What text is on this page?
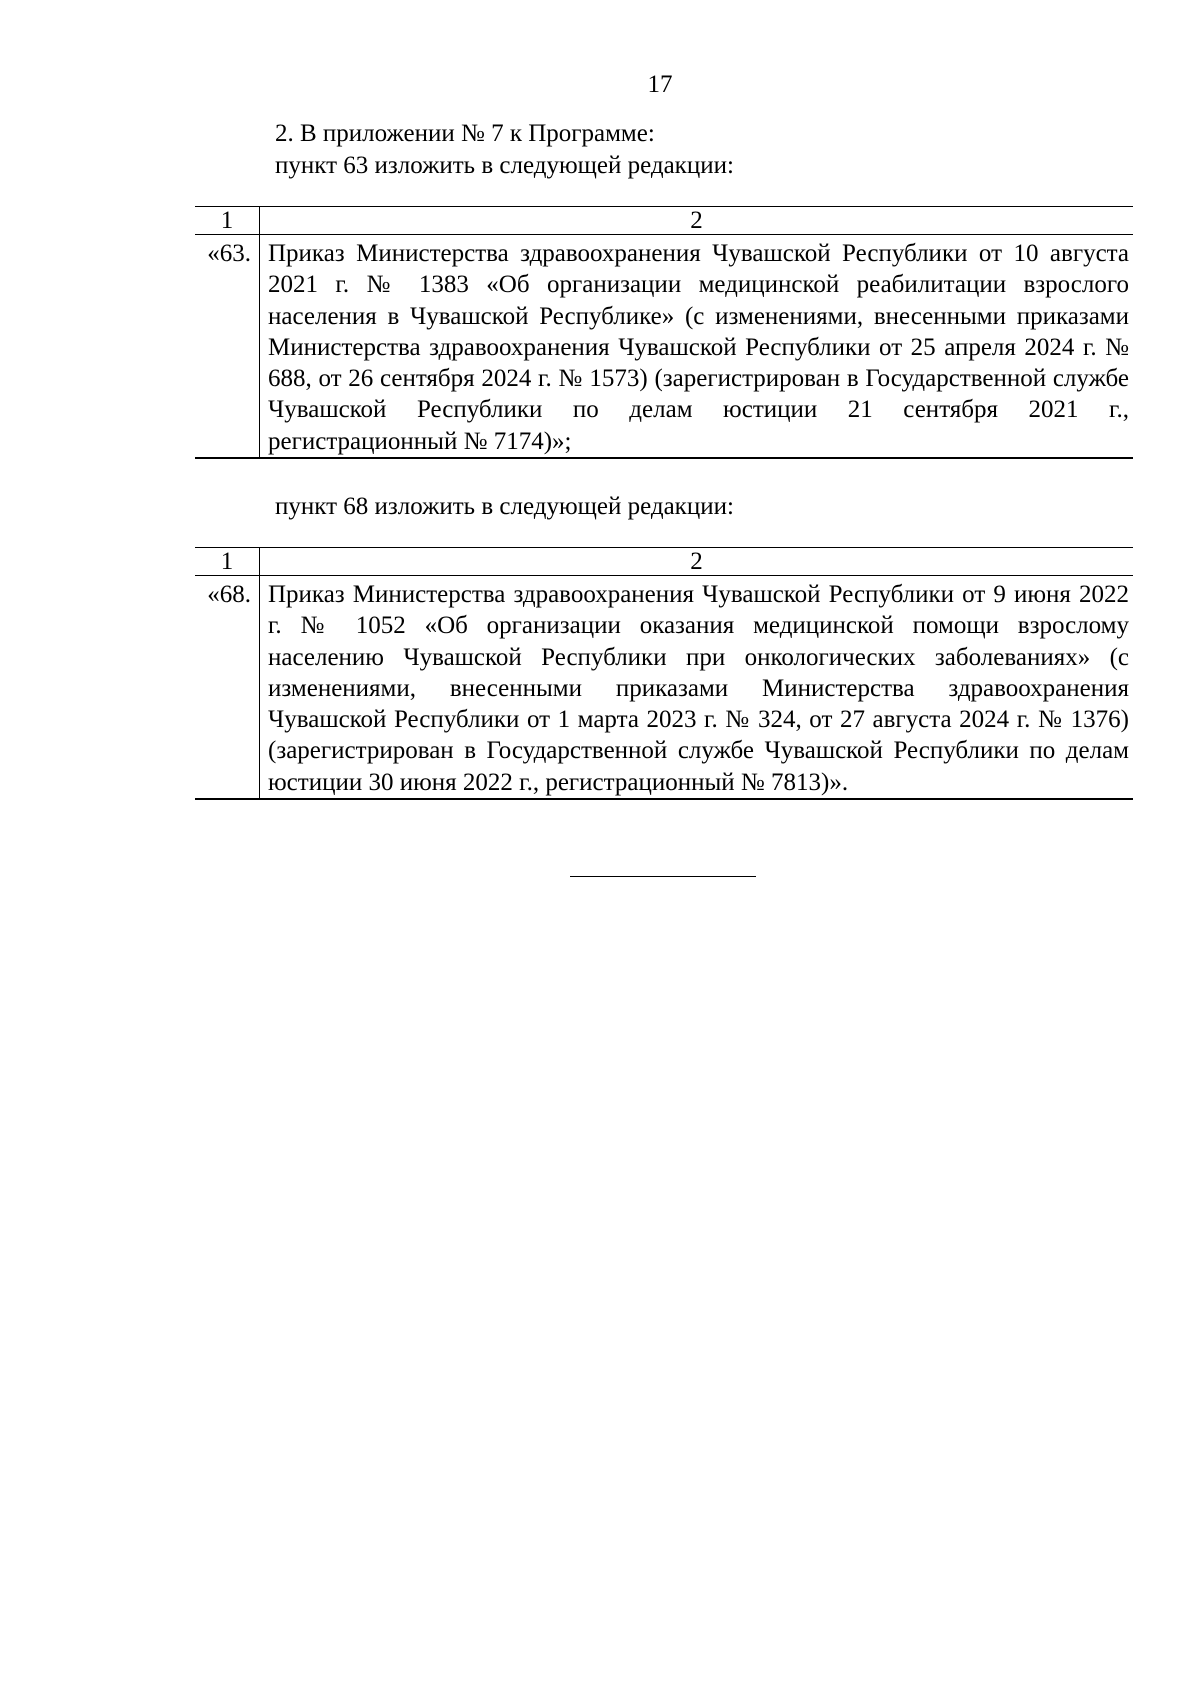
17
2. В приложении № 7 к Программе:
пункт 63 изложить в следующей редакции:
1	2
«63.	Приказ Министерства здравоохранения Чувашской Республики от 10 августа 2021 г. № 1383 «Об организации медицинской реабилитации взрослого населения в Чувашской Республике» (с изменениями, внесенными приказами Министерства здравоохранения Чувашской Республики от 25 апреля 2024 г. № 688, от 26 сентября 2024 г. № 1573) (зарегистрирован в Государственной службе Чувашской Республики по делам юстиции 21 сентября 2021 г., регистрационный № 7174)»;
пункт 68 изложить в следующей редакции:
1	2
«68.	Приказ Министерства здравоохранения Чувашской Республики от 9 июня 2022 г. № 1052 «Об организации оказания медицинской помощи взрослому населению Чувашской Республики при онкологических заболеваниях» (с изменениями, внесенными приказами Министерства здравоохранения Чувашской Республики от 1 марта 2023 г. № 324, от 27 августа 2024 г. № 1376) (зарегистрирован в Государственной службе Чувашской Республики по делам юстиции 30 июня 2022 г., регистрационный № 7813)».
